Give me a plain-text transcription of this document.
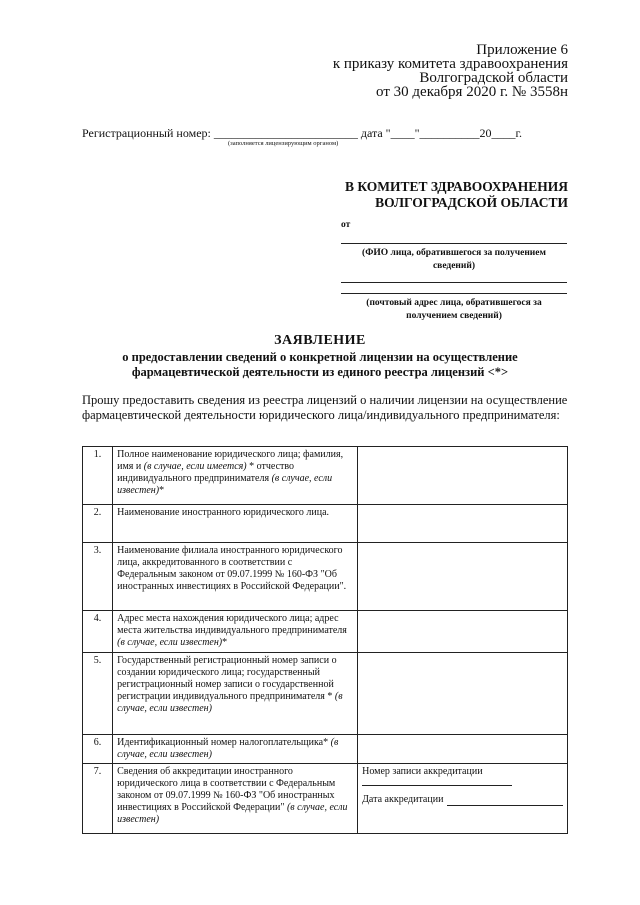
Приложение 6
к приказу комитета здравоохранения
Волгоградской области
от 30 декабря 2020 г. № 3558н
Регистрационный номер: ________________________ дата "____"__________20____г.
(заполняется лицензирующим органом)
В КОМИТЕТ ЗДРАВООХРАНЕНИЯ
ВОЛГОГРАДСКОЙ ОБЛАСТИ
от
(ФИО лица, обратившегося за получением сведений)
(почтовый адрес лица, обратившегося за получением сведений)
ЗАЯВЛЕНИЕ
о предоставлении сведений о конкретной лицензии на осуществление
фармацевтической деятельности из единого реестра лицензий <*>
Прошу предоставить сведения из реестра лицензий о наличии лицензии на осуществление фармацевтической деятельности юридического лица/индивидуального предпринимателя:
1.	Полное наименование юридического лица; фамилия, имя и (в случае, если имеется) * отчество индивидуального предпринимателя (в случае, если известен)*	
2.	Наименование иностранного юридического лица.	
3.	Наименование филиала иностранного юридического лица, аккредитованного в соответствии с Федеральным законом от 09.07.1999 № 160-ФЗ "Об иностранных инвестициях в Российской Федерации".	
4.	Адрес места нахождения юридического лица; адрес места жительства индивидуального предпринимателя (в случае, если известен)*	
5.	Государственный регистрационный номер записи о создании юридического лица; государственный регистрационный номер записи о государственной регистрации индивидуального предпринимателя * (в случае, если известен)	
6.	Идентификационный номер налогоплательщика* (в случае, если известен)	
7.	Сведения об аккредитации иностранного юридического лица в соответствии с Федеральным законом от 09.07.1999 № 160-ФЗ "Об иностранных инвестициях в Российской Федерации" (в случае, если известен)	Номер записи аккредитации
Дата аккредитации
